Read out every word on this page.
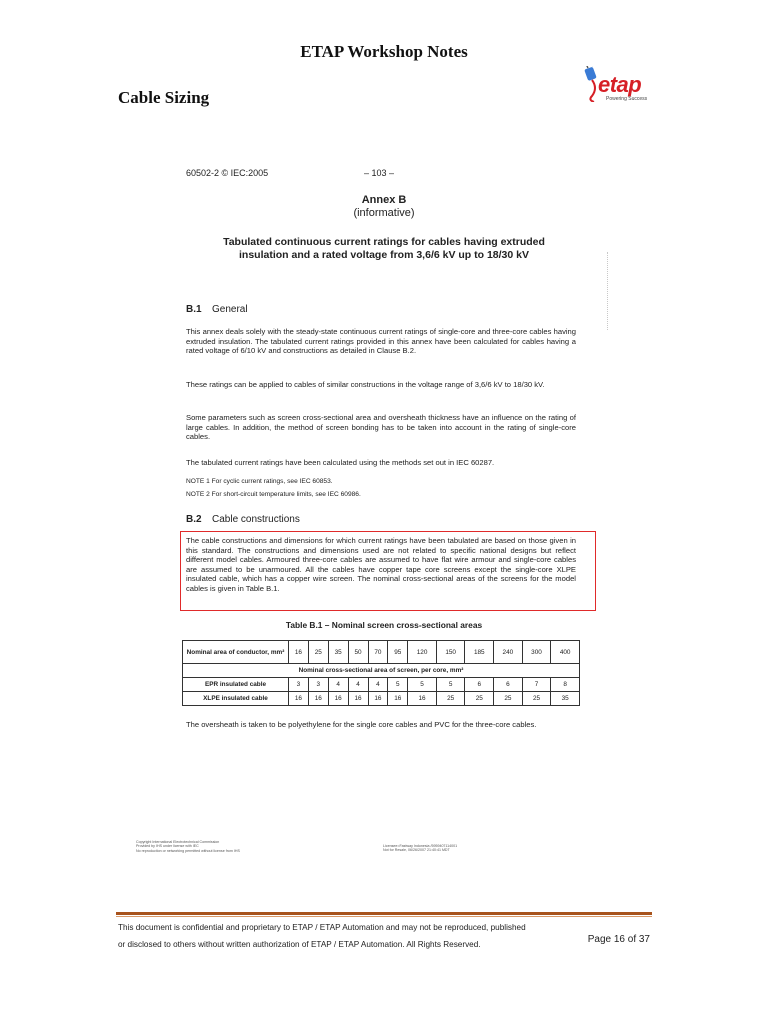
ETAP Workshop Notes
Cable Sizing
etap
Powering Success
60502-2 © IEC:2005	– 103 –
Annex B
(informative)
Tabulated continuous current ratings for cables having extruded
insulation and a rated voltage from 3,6/6 kV up to 18/30 kV
B.1 General
This annex deals solely with the steady-state continuous current ratings of single-core and three-core cables having extruded insulation. The tabulated current ratings provided in this annex have been calculated for cables having a rated voltage of 6/10 kV and constructions as detailed in Clause B.2.
These ratings can be applied to cables of similar constructions in the voltage range of 3,6/6 kV to 18/30 kV.
Some parameters such as screen cross-sectional area and oversheath thickness have an influence on the rating of large cables. In addition, the method of screen bonding has to be taken into account in the rating of single-core cables.
The tabulated current ratings have been calculated using the methods set out in IEC 60287.
NOTE 1 For cyclic current ratings, see IEC 60853.
NOTE 2 For short-circuit temperature limits, see IEC 60986.
B.2 Cable constructions
The cable constructions and dimensions for which current ratings have been tabulated are based on those given in this standard. The constructions and dimensions used are not related to specific national designs but reflect different model cables. Armoured three-core cables are assumed to have flat wire armour and single-core cables are assumed to be unarmoured. All the cables have copper tape core screens except the single-core XLPE insulated cable, which has a copper wire screen. The nominal cross-sectional areas of the screens for the model cables is given in Table B.1.
The oversheath is taken to be polyethylene for the single core cables and PVC for the three-core cables.
Table B.1 – Nominal screen cross-sectional areas
Nominal area of conductor, mm²	16	25	35	50	70	95	120	150	185	240	300	400
Nominal cross-sectional area of screen, per core, mm²												
EPR insulated cable	3	3	4	4	4	5	5	5	6	6	7	8
XLPE insulated cable	16	16	16	16	16	16	16	25	25	25	25	35
Copyright International Electrotechnical Commission
Provided by IHS under license with IEC
No reproduction or networking permitted without license from IHS
Licensee=Fastway Indonesia /5959407114001
Not for Resale, 06/26/2007 21:40:41 MDT
This document is confidential and proprietary to ETAP / ETAP Automation and may not be reproduced, published
or disclosed to others without written authorization of ETAP / ETAP Automation. All Rights Reserved.	Page 16 of 37
